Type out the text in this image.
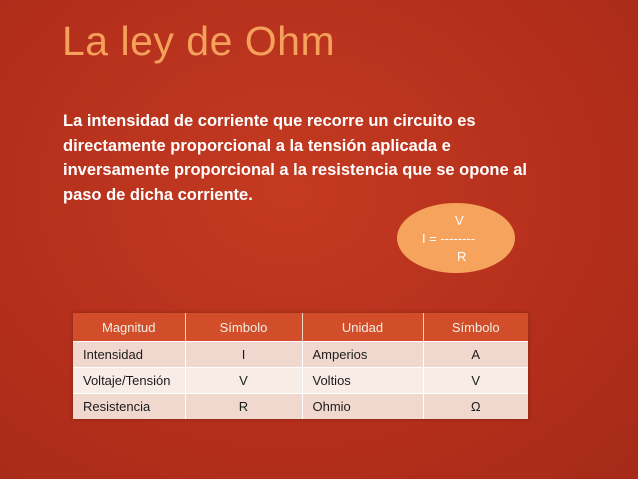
La ley de Ohm
La intensidad de corriente que recorre un circuito es directamente proporcional a la tensión aplicada e inversamente proporcional a la resistencia que se opone al paso de dicha corriente.
V
I = --------
R
Magnitud	Símbolo	Unidad	Símbolo
Intensidad	I	Amperios	A
Voltaje/Tensión	V	Voltios	V
Resistencia	R	Ohmio	Ω
